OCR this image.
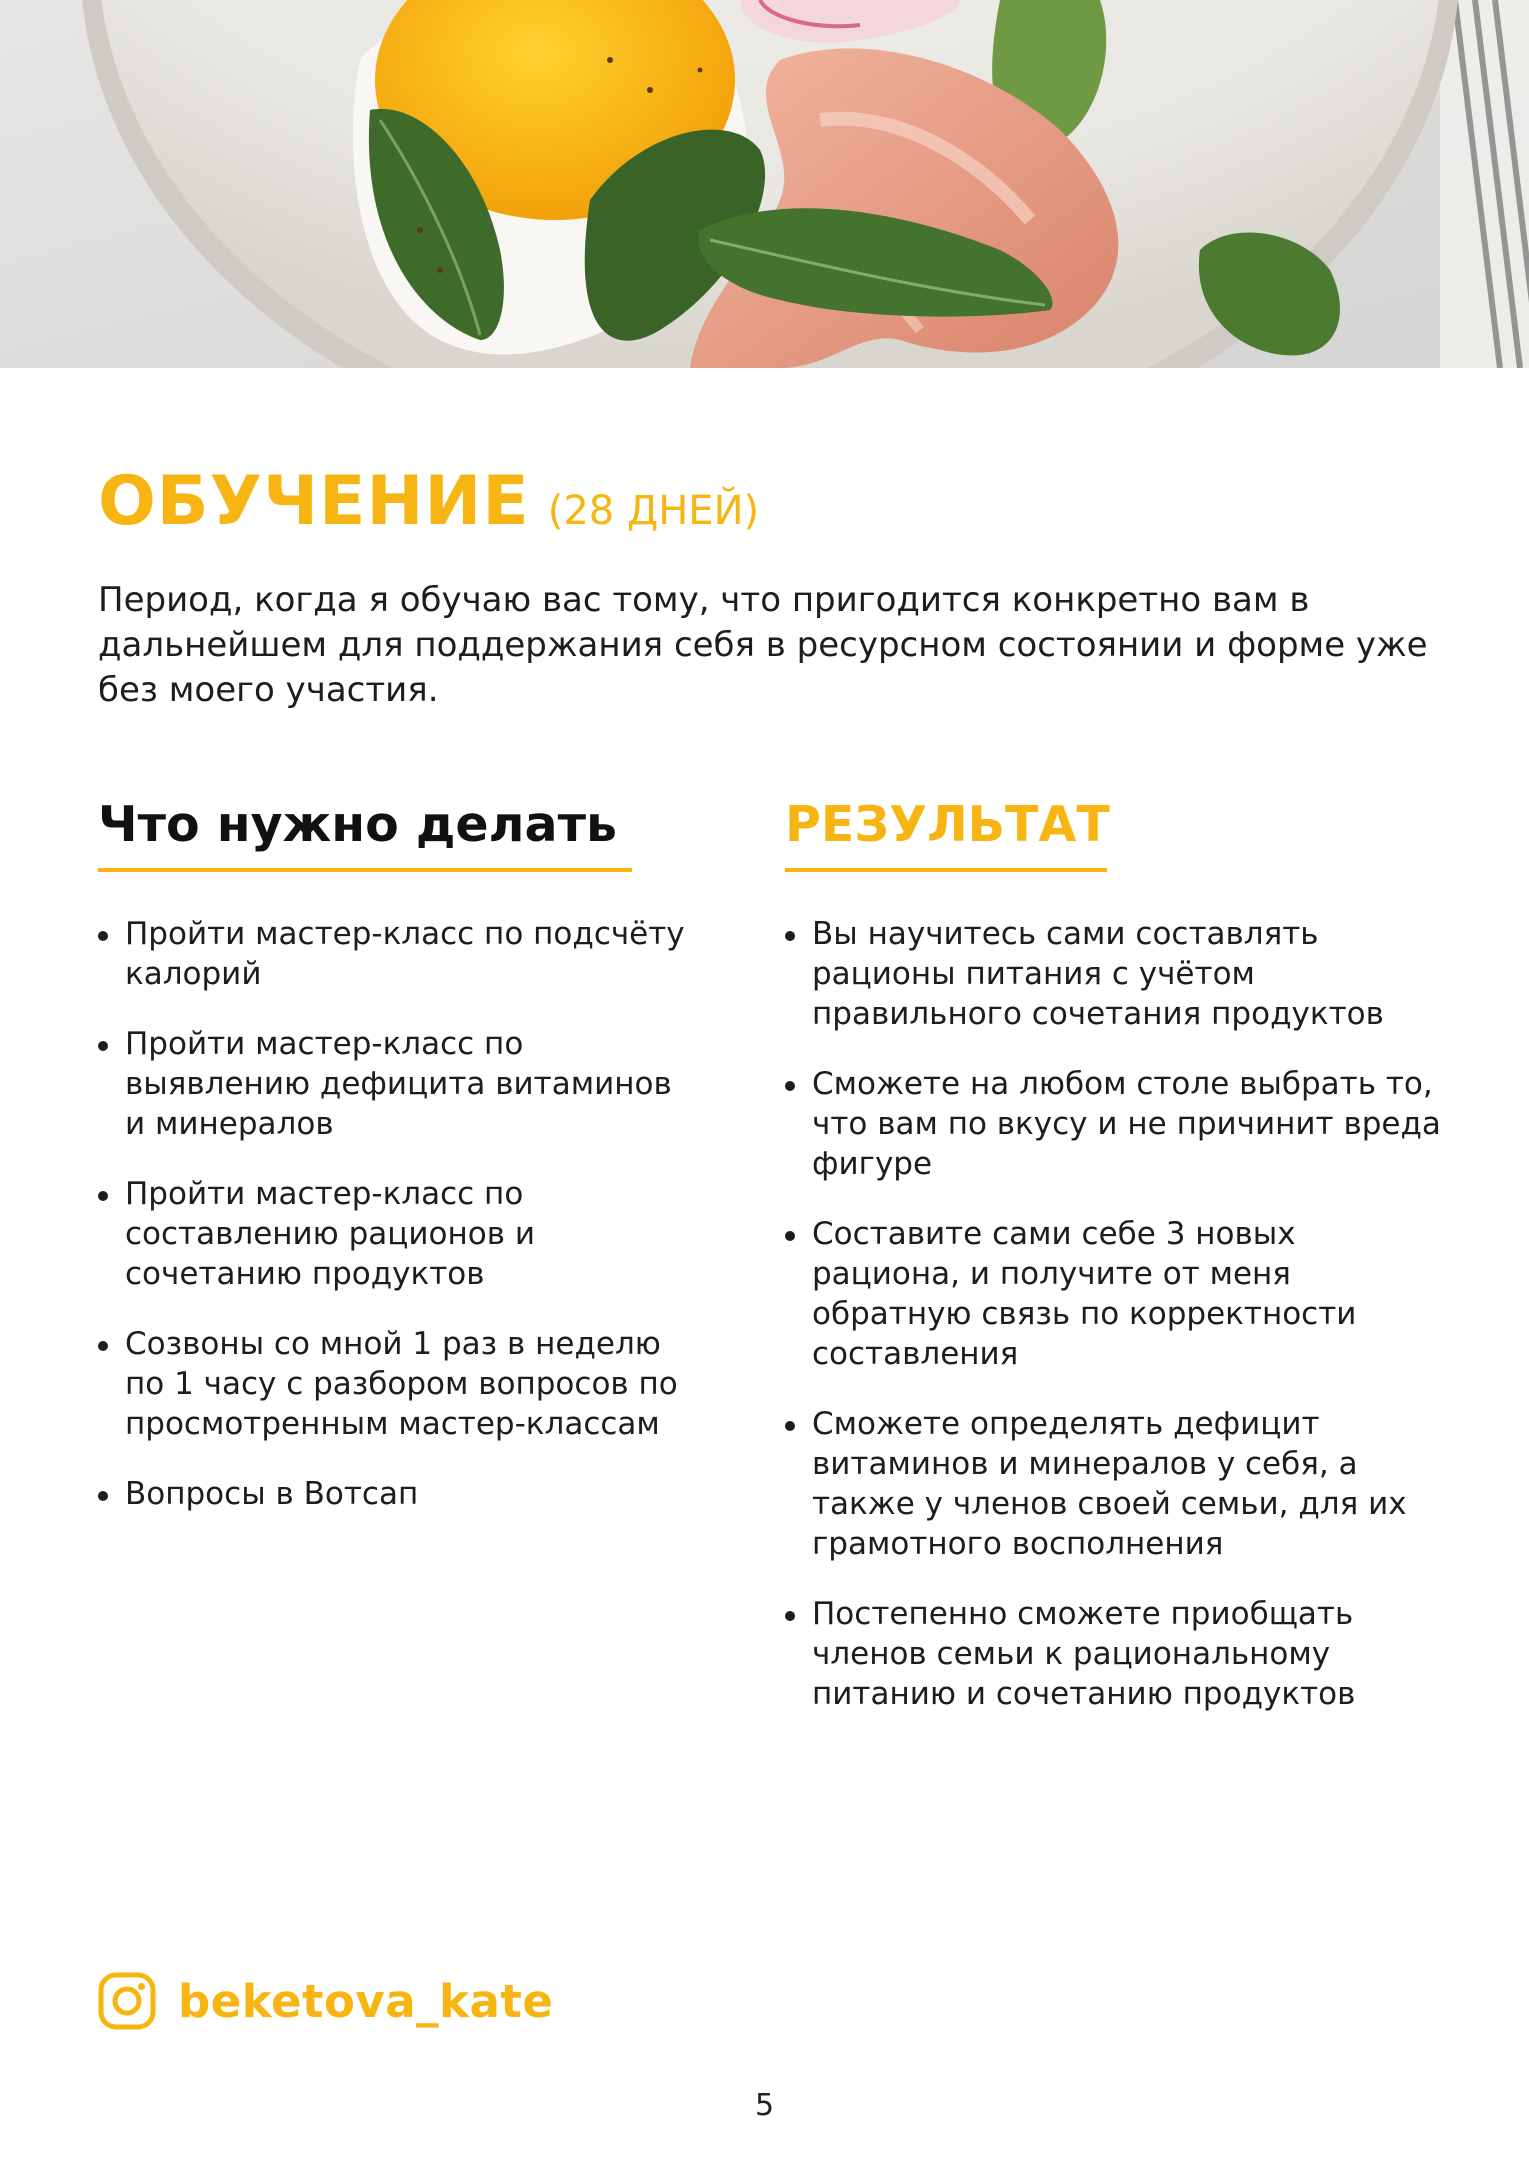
ОБУЧЕНИЕ (28 ДНЕЙ)
Период, когда я обучаю вас тому, что пригодится конкретно вам в дальнейшем для поддержания себя в ресурсном состоянии и форме уже без моего участия.
Что нужно делать
Пройти мастер-класс по подсчёту калорий
Пройти мастер-класс по выявлению дефицита витаминов и минералов
Пройти мастер-класс по составлению рационов и сочетанию продуктов
Созвоны со мной 1 раз в неделю по 1 часу с разбором вопросов по просмотренным мастер-классам
Вопросы в Вотсап
РЕЗУЛЬТАТ
Вы научитесь сами составлять рационы питания с учётом правильного сочетания продуктов
Сможете на любом столе выбрать то, что вам по вкусу и не причинит вреда фигуре
Составите сами себе 3 новых рациона, и получите от меня обратную связь по корректности составления
Сможете определять дефицит витаминов и минералов у себя, а также у членов своей семьи, для их грамотного восполнения
Постепенно сможете приобщать членов семьи к рациональному питанию и сочетанию продуктов
beketova_kate
5
